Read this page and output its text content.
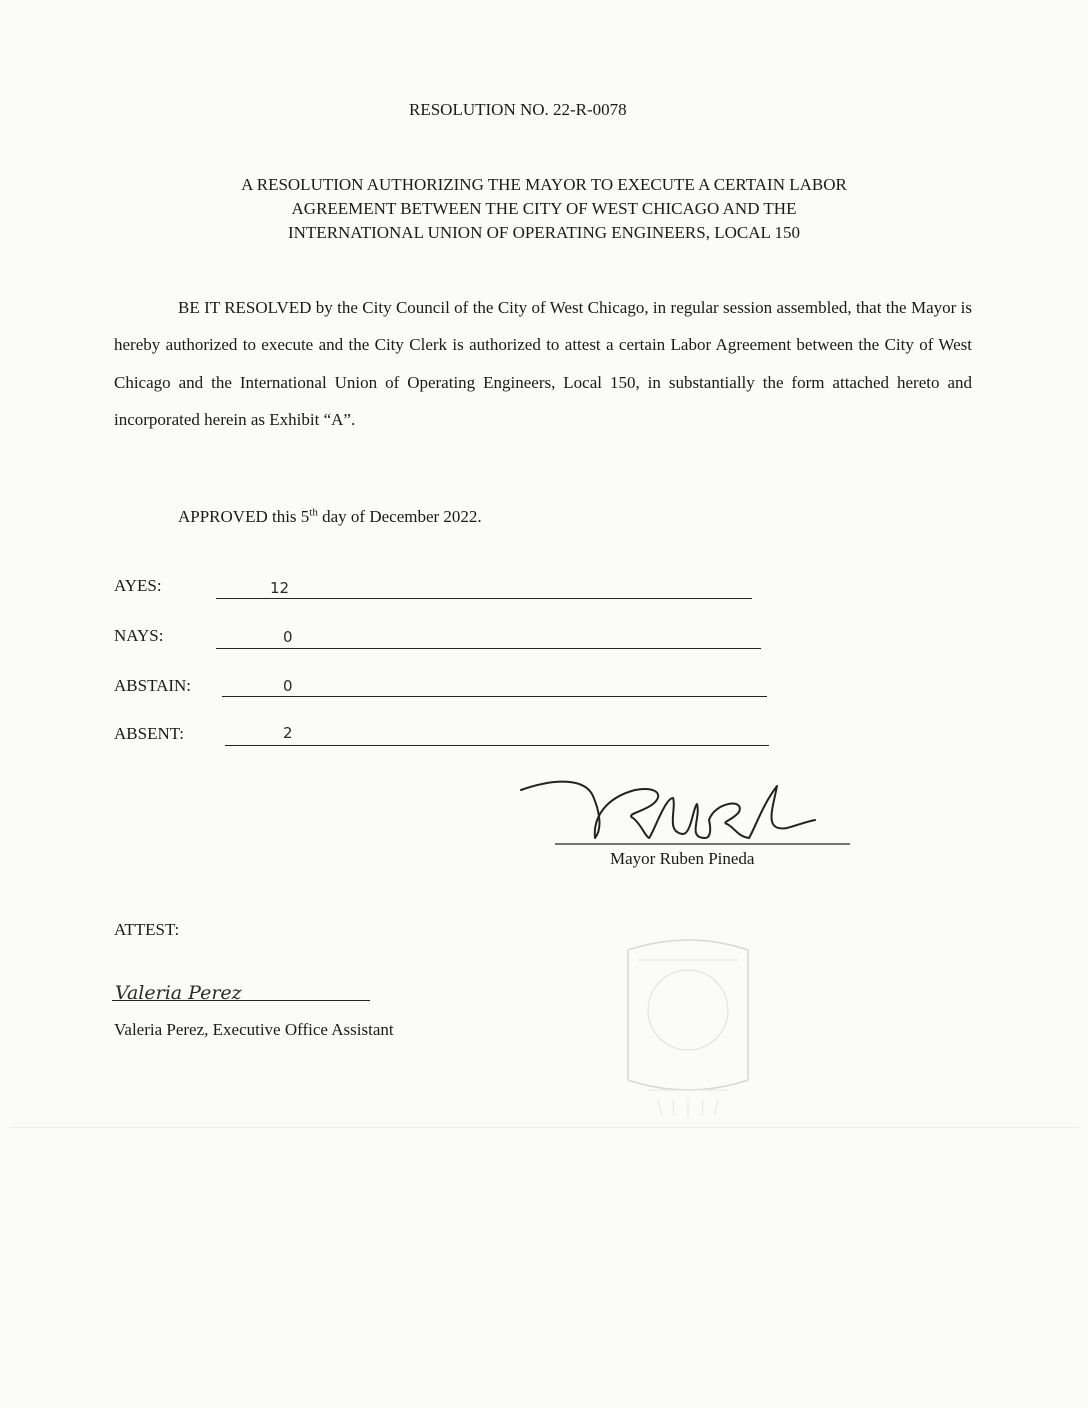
RESOLUTION NO. 22-R-0078
A RESOLUTION AUTHORIZING THE MAYOR TO EXECUTE A CERTAIN LABOR
AGREEMENT BETWEEN THE CITY OF WEST CHICAGO AND THE
INTERNATIONAL UNION OF OPERATING ENGINEERS, LOCAL 150
BE IT RESOLVED by the City Council of the City of West Chicago, in regular session assembled, that the Mayor is hereby authorized to execute and the City Clerk is authorized to attest a certain Labor Agreement between the City of West Chicago and the International Union of Operating Engineers, Local 150, in substantially the form attached hereto and incorporated herein as Exhibit “A”.
APPROVED this 5th day of December 2022.
AYES:	12
NAYS:	0
ABSTAIN:	0
ABSENT:	2
Mayor Ruben Pineda
ATTEST:
Valeria Perez
Valeria Perez, Executive Office Assistant
